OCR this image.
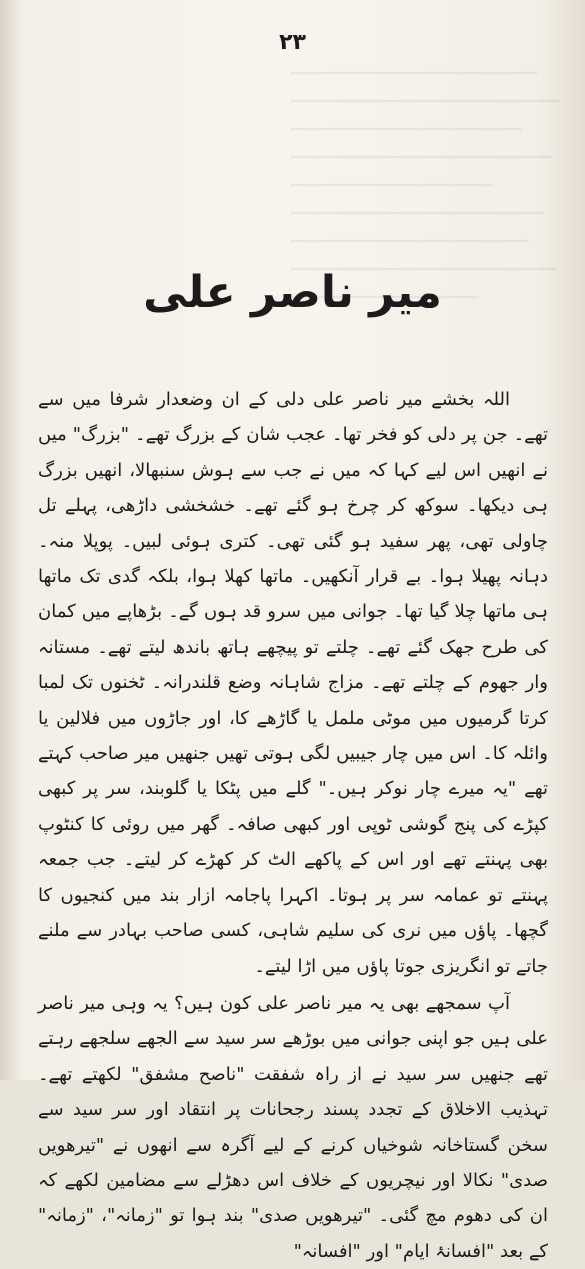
۲۳
میر ناصر علی

اللہ بخشے میر ناصر علی دلی کے ان وضعدار شرفا میں سے تھے۔ جن پر دلی کو فخر تھا۔ عجب شان کے بزرگ تھے۔ "بزرگ" میں نے انھیں اس لیے کہا کہ میں نے جب سے ہوش سنبھالا، انھیں بزرگ ہی دیکھا۔ سوکھ کر چرخ ہو گئے تھے۔ خشخشی داڑھی، پہلے تل چاولی تھی، پھر سفید ہو گئی تھی۔ کتری ہوئی لبیں۔ پوپلا منہ۔ دہانہ پھیلا ہوا۔ بے قرار آنکھیں۔ ماتھا کھلا ہوا، بلکہ گدی تک ماتھا ہی ماتھا چلا گیا تھا۔ جوانی میں سرو قد ہوں گے۔ بڑھاپے میں کمان کی طرح جھک گئے تھے۔ چلتے تو پیچھے ہاتھ باندھ لیتے تھے۔ مستانہ وار جھوم کے چلتے تھے۔ مزاج شاہانہ وضع قلندرانہ۔ ٹخنوں تک لمبا کرتا گرمیوں میں موٹی ململ یا گاڑھے کا، اور جاڑوں میں فلالین یا وائلہ کا۔ اس میں چار جیبیں لگی ہوتی تھیں جنھیں میر صاحب کہتے تھے "یہ میرے چار نوکر ہیں۔" گلے میں پٹکا یا گلوبند، سر پر کبھی کپڑے کی پنج گوشی ٹوپی اور کبھی صافہ۔ گھر میں روئی کا کنٹوپ بھی پہنتے تھے اور اس کے پاکھے الٹ کر کھڑے کر لیتے۔ جب جمعہ پہنتے تو عمامہ سر پر ہوتا۔ اکہرا پاجامہ ازار بند میں کنجیوں کا گچھا۔ پاؤں میں نری کی سلیم شاہی، کسی صاحب بہادر سے ملنے جاتے تو انگریزی جوتا پاؤں میں اڑا لیتے۔

آپ سمجھے بھی یہ میر ناصر علی کون ہیں؟ یہ وہی میر ناصر علی ہیں جو اپنی جوانی میں بوڑھے سر سید سے الجھے سلجھے رہتے تھے جنھیں سر سید نے از راہ شفقت "ناصح مشفق" لکھتے تھے۔ تہذیب الاخلاق کے تجدد پسند رجحانات پر انتقاد اور سر سید سے سخن گستاخانہ شوخیاں کرنے کے لیے آگرہ سے انھوں نے "تیرھویں صدی" نکالا اور نیچریوں کے خلاف اس دھڑلے سے مضامین لکھے کہ ان کی دھوم مچ گئی۔ "تیرھویں صدی" بند ہوا تو "زمانہ"، "زمانہ" کے بعد "افسانۂ ایام" اور "افسانہ"
